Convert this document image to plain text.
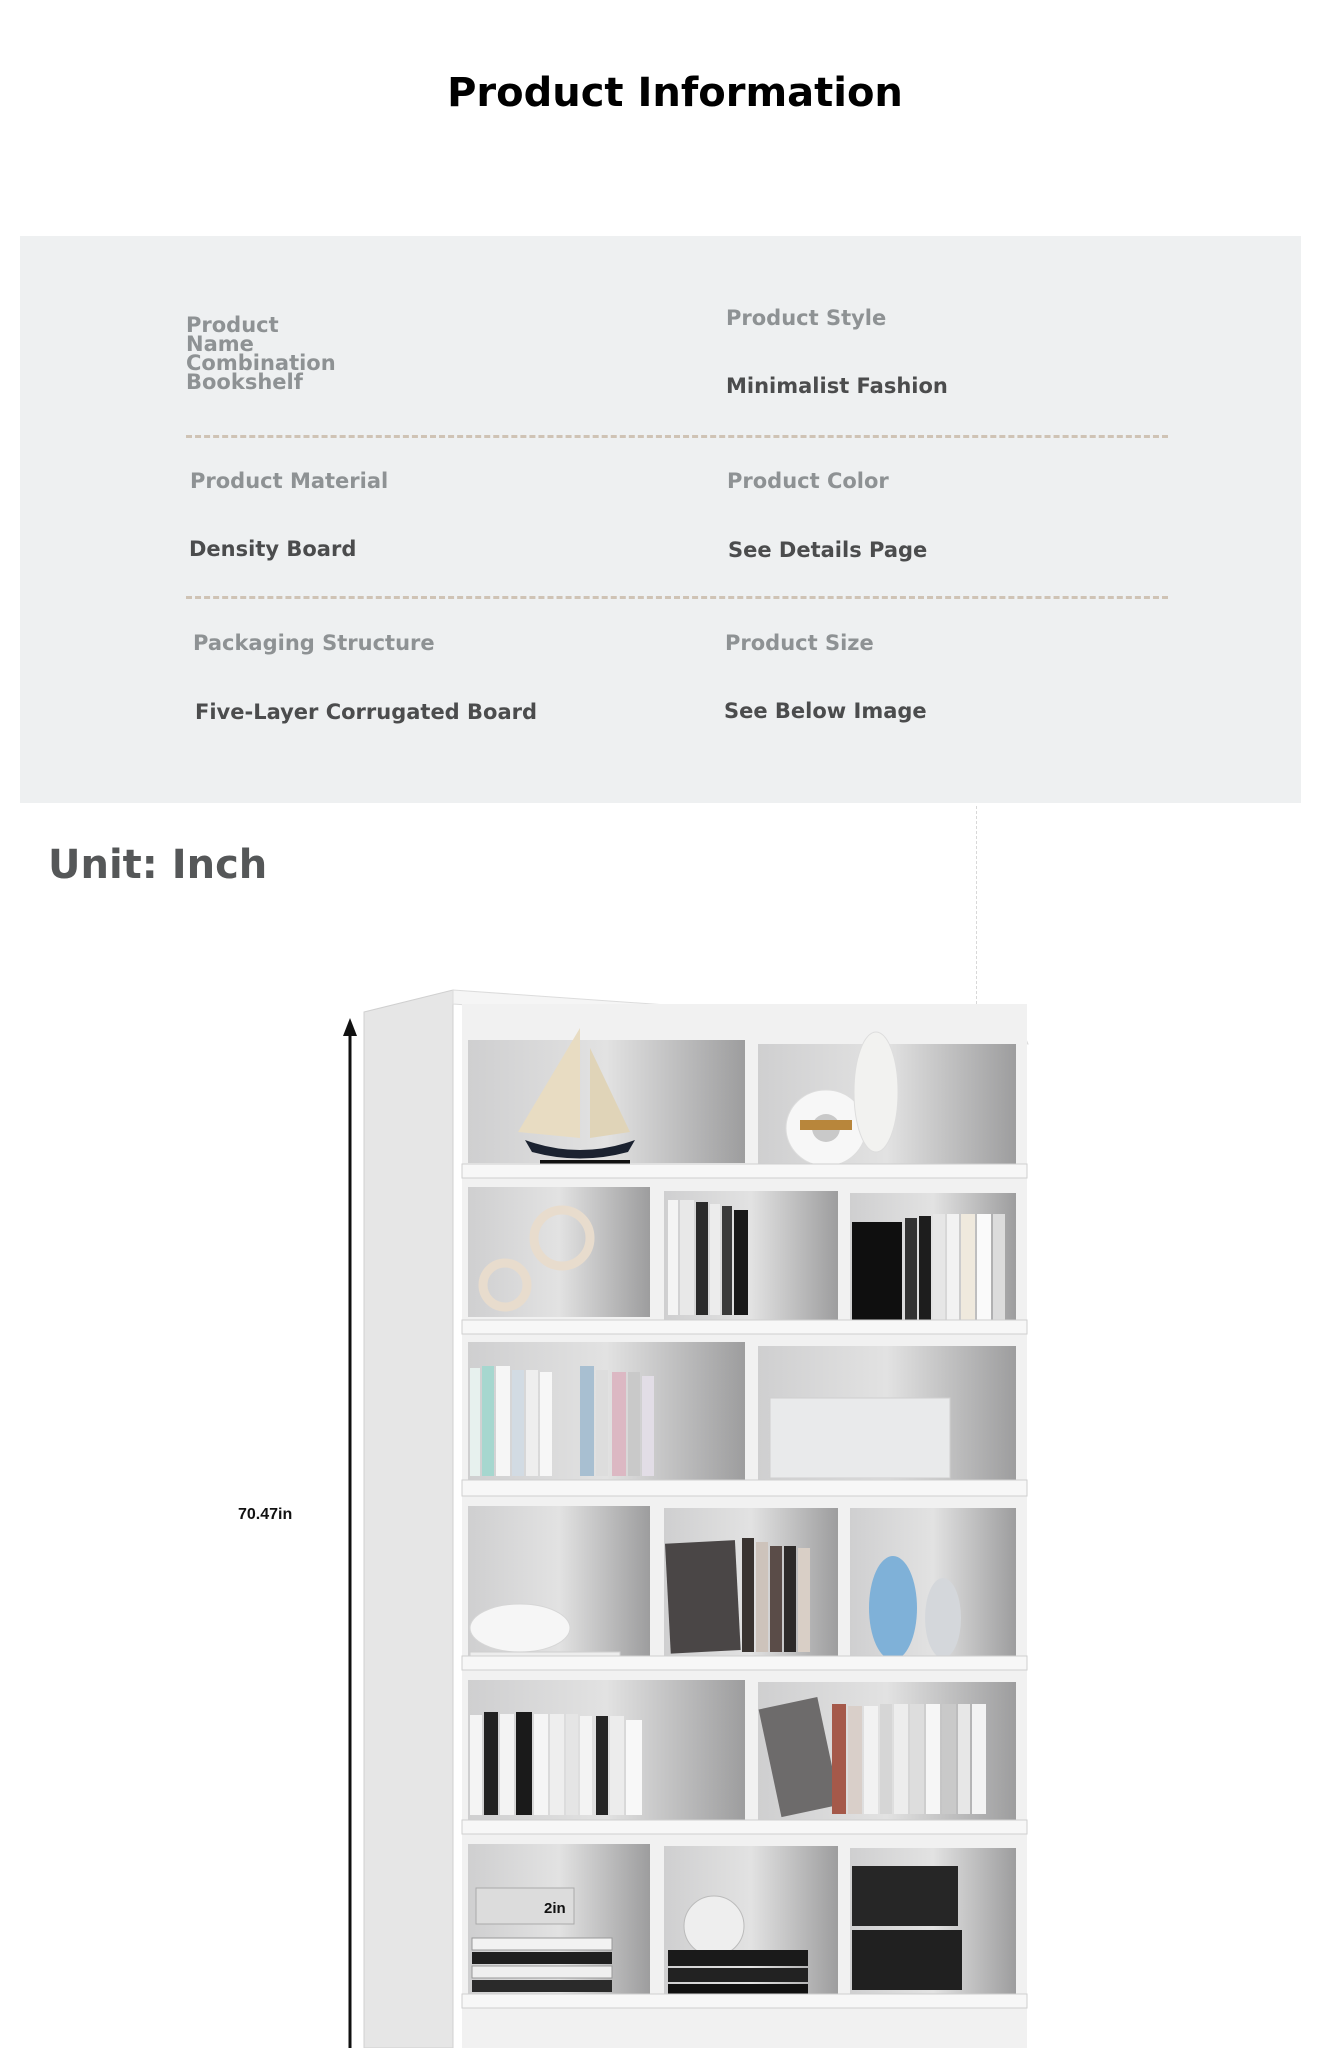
Product Information
Product
Name
Combination
Bookshelf
Product Style
Minimalist Fashion
Product Material
Density Board
Product Color
See Details Page
Packaging Structure
Five-Layer Corrugated Board
Product Size
See Below Image
Unit: Inch
70.47in
2in
